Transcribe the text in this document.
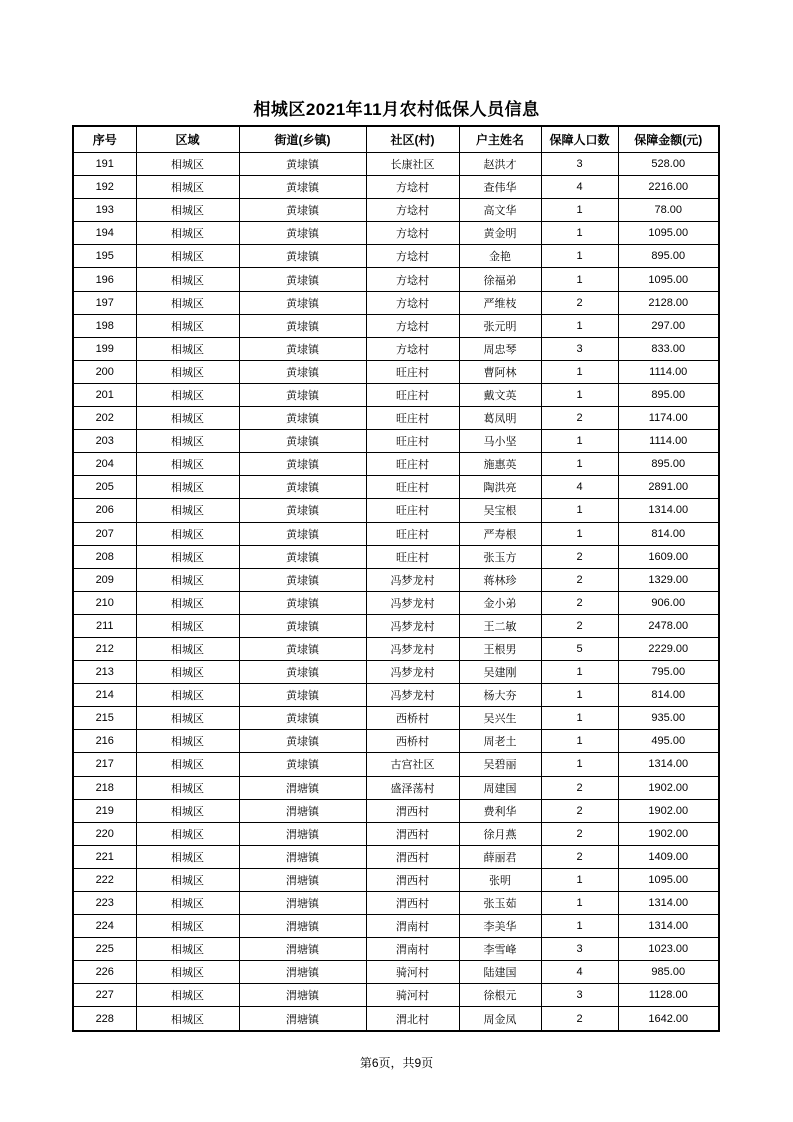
相城区2021年11月农村低保人员信息
序号	区域	街道(乡镇)	社区(村)	户主姓名	保障人口数	保障金额(元)
191	相城区	黄埭镇	长康社区	赵洪才	3	528.00
192	相城区	黄埭镇	方埝村	查伟华	4	2216.00
193	相城区	黄埭镇	方埝村	高文华	1	78.00
194	相城区	黄埭镇	方埝村	黄金明	1	1095.00
195	相城区	黄埭镇	方埝村	金艳	1	895.00
196	相城区	黄埭镇	方埝村	徐福弟	1	1095.00
197	相城区	黄埭镇	方埝村	严维枝	2	2128.00
198	相城区	黄埭镇	方埝村	张元明	1	297.00
199	相城区	黄埭镇	方埝村	周忠琴	3	833.00
200	相城区	黄埭镇	旺庄村	曹阿林	1	1114.00
201	相城区	黄埭镇	旺庄村	戴文英	1	895.00
202	相城区	黄埭镇	旺庄村	葛凤明	2	1174.00
203	相城区	黄埭镇	旺庄村	马小坚	1	1114.00
204	相城区	黄埭镇	旺庄村	施惠英	1	895.00
205	相城区	黄埭镇	旺庄村	陶洪亮	4	2891.00
206	相城区	黄埭镇	旺庄村	吴宝根	1	1314.00
207	相城区	黄埭镇	旺庄村	严寿根	1	814.00
208	相城区	黄埭镇	旺庄村	张玉方	2	1609.00
209	相城区	黄埭镇	冯梦龙村	蒋林珍	2	1329.00
210	相城区	黄埭镇	冯梦龙村	金小弟	2	906.00
211	相城区	黄埭镇	冯梦龙村	王二敏	2	2478.00
212	相城区	黄埭镇	冯梦龙村	王根男	5	2229.00
213	相城区	黄埭镇	冯梦龙村	吴建刚	1	795.00
214	相城区	黄埭镇	冯梦龙村	杨大夯	1	814.00
215	相城区	黄埭镇	西桥村	吴兴生	1	935.00
216	相城区	黄埭镇	西桥村	周老土	1	495.00
217	相城区	黄埭镇	古宫社区	吴碧丽	1	1314.00
218	相城区	渭塘镇	盛泽荡村	周建国	2	1902.00
219	相城区	渭塘镇	渭西村	费利华	2	1902.00
220	相城区	渭塘镇	渭西村	徐月燕	2	1902.00
221	相城区	渭塘镇	渭西村	薛丽君	2	1409.00
222	相城区	渭塘镇	渭西村	张明	1	1095.00
223	相城区	渭塘镇	渭西村	张玉茹	1	1314.00
224	相城区	渭塘镇	渭南村	李美华	1	1314.00
225	相城区	渭塘镇	渭南村	李雪峰	3	1023.00
226	相城区	渭塘镇	骑河村	陆建国	4	985.00
227	相城区	渭塘镇	骑河村	徐根元	3	1128.00
228	相城区	渭塘镇	渭北村	周金凤	2	1642.00
第6页，共9页
